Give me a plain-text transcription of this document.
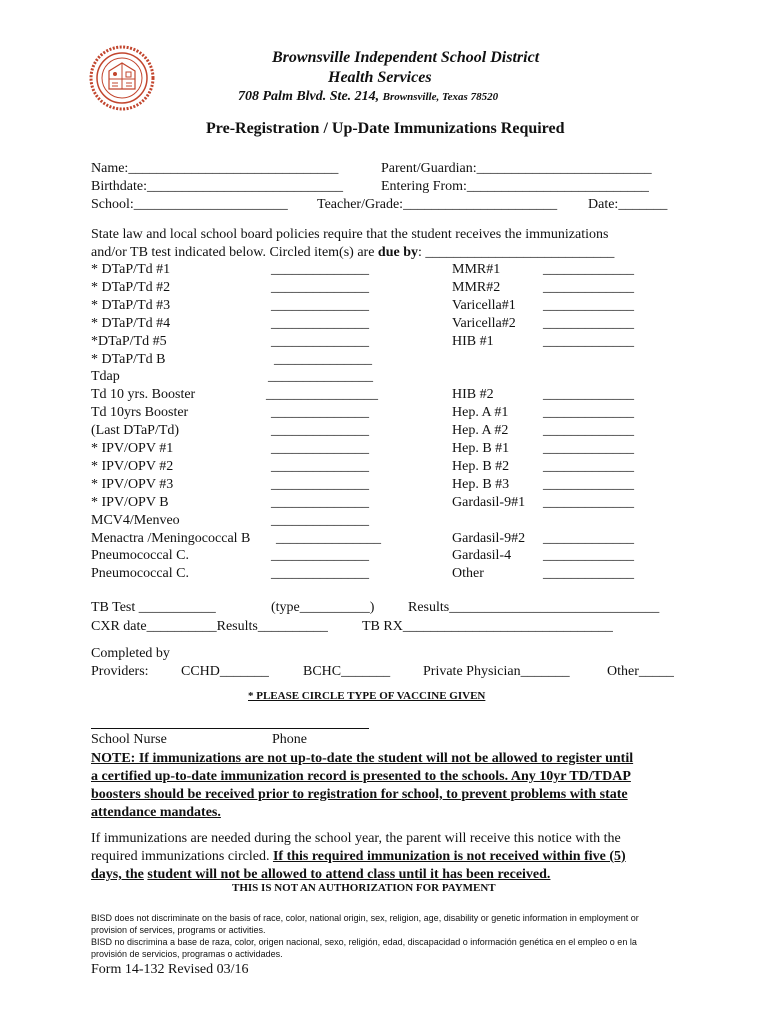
Brownsville Independent School District
Health Services
708 Palm Blvd. Ste. 214, Brownsville, Texas 78520
Pre-Registration / Up-Date Immunizations Required
Name:______________________________	Parent/Guardian:_________________________
Birthdate:____________________________	Entering From:__________________________
School:______________________ Teacher/Grade:______________________ Date:_______
State law and local school board policies require that the student receives the immunizations
and/or TB test indicated below. Circled item(s) are due by: ___________________________
* DTaP/Td #1	______________	MMR#1	_____________
* DTaP/Td #2	______________	MMR#2	_____________
* DTaP/Td #3	______________	Varicella#1 _____________
* DTaP/Td #4	______________	Varicella#2 _____________
*DTaP/Td #5	______________	HIB #1	_____________
* DTaP/Td B	______________
Tdap	_______________
Td 10 yrs. Booster	________________	HIB #2	_____________
Td 10yrs Booster	______________	Hep. A #1 _____________
(Last DTaP/Td)	______________	Hep. A #2 _____________
* IPV/OPV #1	______________	Hep. B #1 _____________
* IPV/OPV #2	______________	Hep. B #2 _____________
* IPV/OPV #3	______________	Hep. B #3 _____________
* IPV/OPV B	______________	Gardasil-9#1 _____________
MCV4/Menveo	______________
Menactra /Meningococcal B _______________	Gardasil-9#2 _____________
Pneumococcal C.	______________	Gardasil-4 _____________
Pneumococcal C.	______________	Other	_____________
TB Test ___________	(type__________) Results______________________________
CXR date__________Results__________ TB RX______________________________
Completed by
Providers: CCHD_______ BCHC_______ Private Physician_______	Other_____
* PLEASE CIRCLE TYPE OF VACCINE GIVEN
School Nurse	Phone
NOTE: If immunizations are not up-to-date the student will not be allowed to register until
a certified up-to-date immunization record is presented to the schools. Any 10yr TD/TDAP
boosters should be received prior to registration for school, to prevent problems with state
attendance mandates.
If immunizations are needed during the school year, the parent will receive this notice with the
required immunizations circled. If this required immunization is not received within five (5)
days, the student will not be allowed to attend class until it has been received.
THIS IS NOT AN AUTHORIZATION FOR PAYMENT
BISD does not discriminate on the basis of race, color, national origin, sex, religion, age, disability or genetic information in employment or
provision of services, programs or activities.
BISD no discrimina a base de raza, color, origen nacional, sexo, religión, edad, discapacidad o información genética en el empleo o en la
provisión de servicios, programas o actividades.
Form 14-132 Revised 03/16
